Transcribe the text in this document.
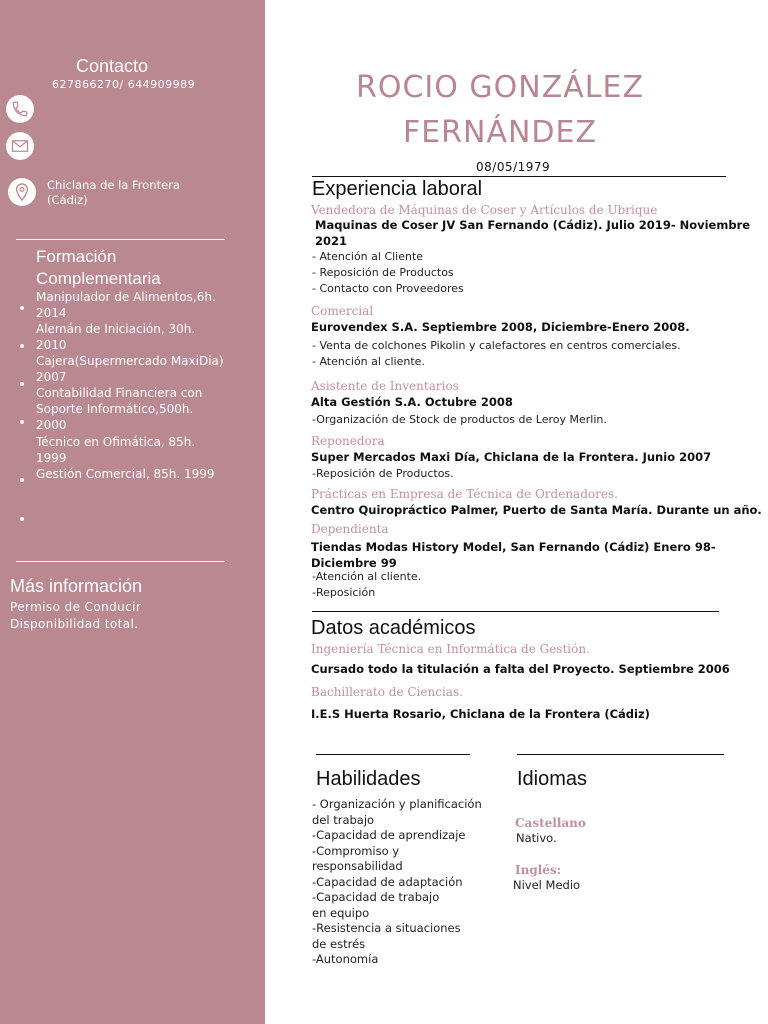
Contacto
627866270/ 644909989
Chiclana de la Frontera
(Cádiz)
Formación
Complementaria
Manipulador de Alimentos,6h.
2014
Alemán de Iniciación, 30h.
2010
Cajera(Supermercado MaxiDia)
2007
Contabilidad Financiera con
Soporte Informático,500h.
2000
Técnico en Ofimática, 85h.
1999
Gestión Comercial, 85h. 1999
Más información
Permiso de Conducir
Disponibilidad total.
ROCIO GONZÁLEZ
FERNÁNDEZ
08/05/1979
Experiencia laboral
Vendedora de Máquinas de Coser y Artículos de Ubrique
Maquinas de Coser JV San Fernando (Cádiz). Julio 2019- Noviembre
2021
- Atención al Cliente
- Reposición de Productos
- Contacto con Proveedores
Comercial
Eurovendex S.A. Septiembre 2008, Diciembre-Enero 2008.
- Venta de colchones Pikolin y calefactores en centros comerciales.
- Atención al cliente.
Asistente de Inventarios
Alta Gestión S.A. Octubre 2008
-Organización de Stock de productos de Leroy Merlin.
Reponedora
Super Mercados Maxi Día, Chiclana de la Frontera. Junio 2007
-Reposición de Productos.
Prácticas en Empresa de Técnica de Ordenadores.
Centro Quiropráctico Palmer, Puerto de Santa María. Durante un año.
Dependienta
Tiendas Modas History Model, San Fernando (Cádiz) Enero 98-
Diciembre 99
-Atención al cliente.
-Reposición
Datos académicos
Ingeniería Técnica en Informática de Gestión.
Cursado todo la titulación a falta del Proyecto. Septiembre 2006
Bachillerato de Ciencias.
I.E.S Huerta Rosario, Chiclana de la Frontera (Cádiz)
Habilidades
- Organización y planificación
del trabajo
-Capacidad de aprendizaje
-Compromiso y
responsabilidad
-Capacidad de adaptación
-Capacidad de trabajo
en equipo
-Resistencia a situaciones
de estrés
-Autonomía
Idiomas
Castellano
Nativo.
Inglés:
Nivel Medio
